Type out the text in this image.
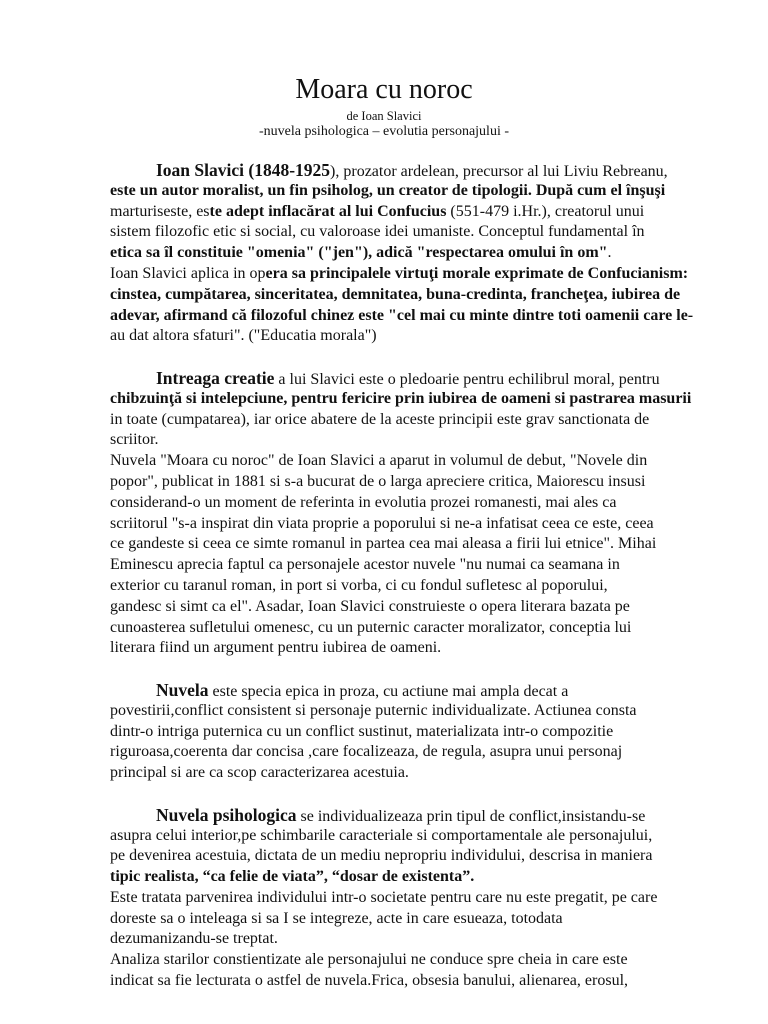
Moara cu noroc
de Ioan Slavici
-nuvela psihologica – evolutia personajului -
Ioan Slavici (1848-1925), prozator ardelean, precursor al lui Liviu Rebreanu,
este un autor moralist, un fin psiholog, un creator de tipologii. După cum el înşuşi
marturiseste, este adept inflacărat al lui Confucius (551-479 i.Hr.), creatorul unui
sistem filozofic etic si social, cu valoroase idei umaniste. Conceptul fundamental în
etica sa îl constituie "omenia" ("jen"), adică "respectarea omului în om".
Ioan Slavici aplica in opera sa principalele virtuţi morale exprimate de Confucianism:
cinstea, cumpătarea, sinceritatea, demnitatea, buna-credinta, francheţea, iubirea de
adevar, afirmand că filozoful chinez este "cel mai cu minte dintre toti oamenii care le-
au dat altora sfaturi". ("Educatia morala")
Intreaga creatie a lui Slavici este o pledoarie pentru echilibrul moral, pentru
chibzuinţă si intelepciune, pentru fericire prin iubirea de oameni si pastrarea masurii
in toate (cumpatarea), iar orice abatere de la aceste principii este grav sanctionata de
scriitor.
Nuvela "Moara cu noroc" de Ioan Slavici a aparut in volumul de debut, "Novele din
popor", publicat in 1881 si s-a bucurat de o larga apreciere critica, Maiorescu insusi
considerand-o un moment de referinta in evolutia prozei romanesti, mai ales ca
scriitorul "s-a inspirat din viata proprie a poporului si ne-a infatisat ceea ce este, ceea
ce gandeste si ceea ce simte romanul in partea cea mai aleasa a firii lui etnice". Mihai
Eminescu aprecia faptul ca personajele acestor nuvele "nu numai ca seamana in
exterior cu taranul roman, in port si vorba, ci cu fondul sufletesc al poporului,
gandesc si simt ca el". Asadar, Ioan Slavici construieste o opera literara bazata pe
cunoasterea sufletului omenesc, cu un puternic caracter moralizator, conceptia lui
literara fiind un argument pentru iubirea de oameni.
Nuvela este specia epica in proza, cu actiune mai ampla decat a
povestirii,conflict consistent si personaje puternic individualizate. Actiunea consta
dintr-o intriga puternica cu un conflict sustinut, materializata intr-o compozitie
riguroasa,coerenta dar concisa ,care focalizeaza, de regula, asupra unui personaj
principal si are ca scop caracterizarea acestuia.
Nuvela psihologica se individualizeaza prin tipul de conflict,insistandu-se
asupra celui interior,pe schimbarile caracteriale si comportamentale ale personajului,
pe devenirea acestuia, dictata de un mediu nepropriu individului, descrisa in maniera
tipic realista, “ca felie de viata”, “dosar de existenta”.
Este tratata parvenirea individului intr-o societate pentru care nu este pregatit, pe care
doreste sa o inteleaga si sa I se integreze, acte in care esueaza, totodata
dezumanizandu-se treptat.
Analiza starilor constientizate ale personajului ne conduce spre cheia in care este
indicat sa fie lecturata o astfel de nuvela.Frica, obsesia banului, alienarea, erosul,
